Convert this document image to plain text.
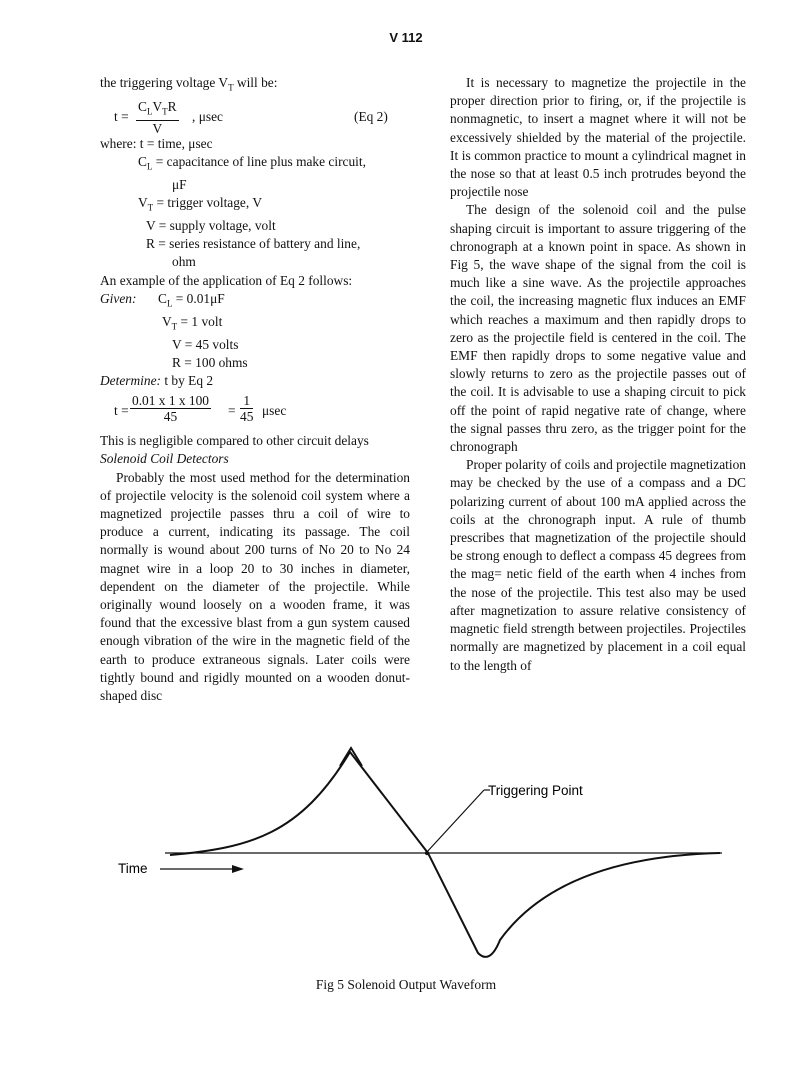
V 112

the triggering voltage $V_T$ will be:

t =
$C_LV_TR$
V
, μsec	(Eq 2)

where: t = time, μsec

$C_L$ = capacitance of line plus make circuit,

μF

$V_T$ = trigger voltage, V

V = supply voltage, volt

R = series resistance of battery and line,

ohm

An example of the application of Eq 2 follows:

Given: $C_L = 0.01\mu F$

$V_T = 1$ volt

V = 45 volts

R = 100 ohms

Determine: t by Eq 2

$t = \frac{0.01 x 1 x 100}{45} = \frac{1}{45}$ μsec

This is negligible compared to other circuit delays

Solenoid Coil Detectors

Probably the most used method for the determination of projectile velocity is the solenoid coil system where a magnetized projectile passes thru a coil of wire to produce a current, indicating its passage. The coil normally is wound about 200 turns of No 20 to No 24 magnet wire in a loop 20 to 30 inches in diameter, dependent on the diameter of the projectile. While originally wound loosely on a wooden frame, it was found that the excessive blast from a gun system caused enough vibration of the wire in the magnetic field of the earth to produce extraneous signals. Later coils were tightly bound and rigidly mounted on a wooden donut-shaped disc

It is necessary to magnetize the projectile in the proper direction prior to firing, or, if the projectile is nonmagnetic, to insert a magnet where it will not be excessively shielded by the material of the projectile. It is common practice to mount a cylindrical magnet in the nose so that at least 0.5 inch protrudes beyond the projectile nose

The design of the solenoid coil and the pulse shaping circuit is important to assure triggering of the chronograph at a known point in space. As shown in Fig 5, the wave shape of the signal from the coil is much like a sine wave. As the projectile approaches the coil, the increasing magnetic flux induces an EMF which reaches a maximum and then rapidly drops to zero as the projectile field is centered in the coil. The EMF then rapidly drops to some negative value and slowly returns to zero as the projectile passes out of the coil. It is advisable to use a shaping circuit to pick off the point of rapid negative rate of change, where the signal passes thru zero, as the trigger point for the chronograph

Proper polarity of coils and projectile magnetization may be checked by the use of a compass and a DC polarizing current of about 100 mA applied across the coils at the chronograph input. A rule of thumb prescribes that magnetization of the projectile should be strong enough to deflect a compass 45 degrees from the mag= netic field of the earth when 4 inches from the nose of the projectile. This test also may be used after magnetization to assure relative consistency of magnetic field strength between projectiles. Projectiles normally are magnetized by placement in a coil equal to the length of

Triggering Point
Time
Fig 5 Solenoid Output Waveform
